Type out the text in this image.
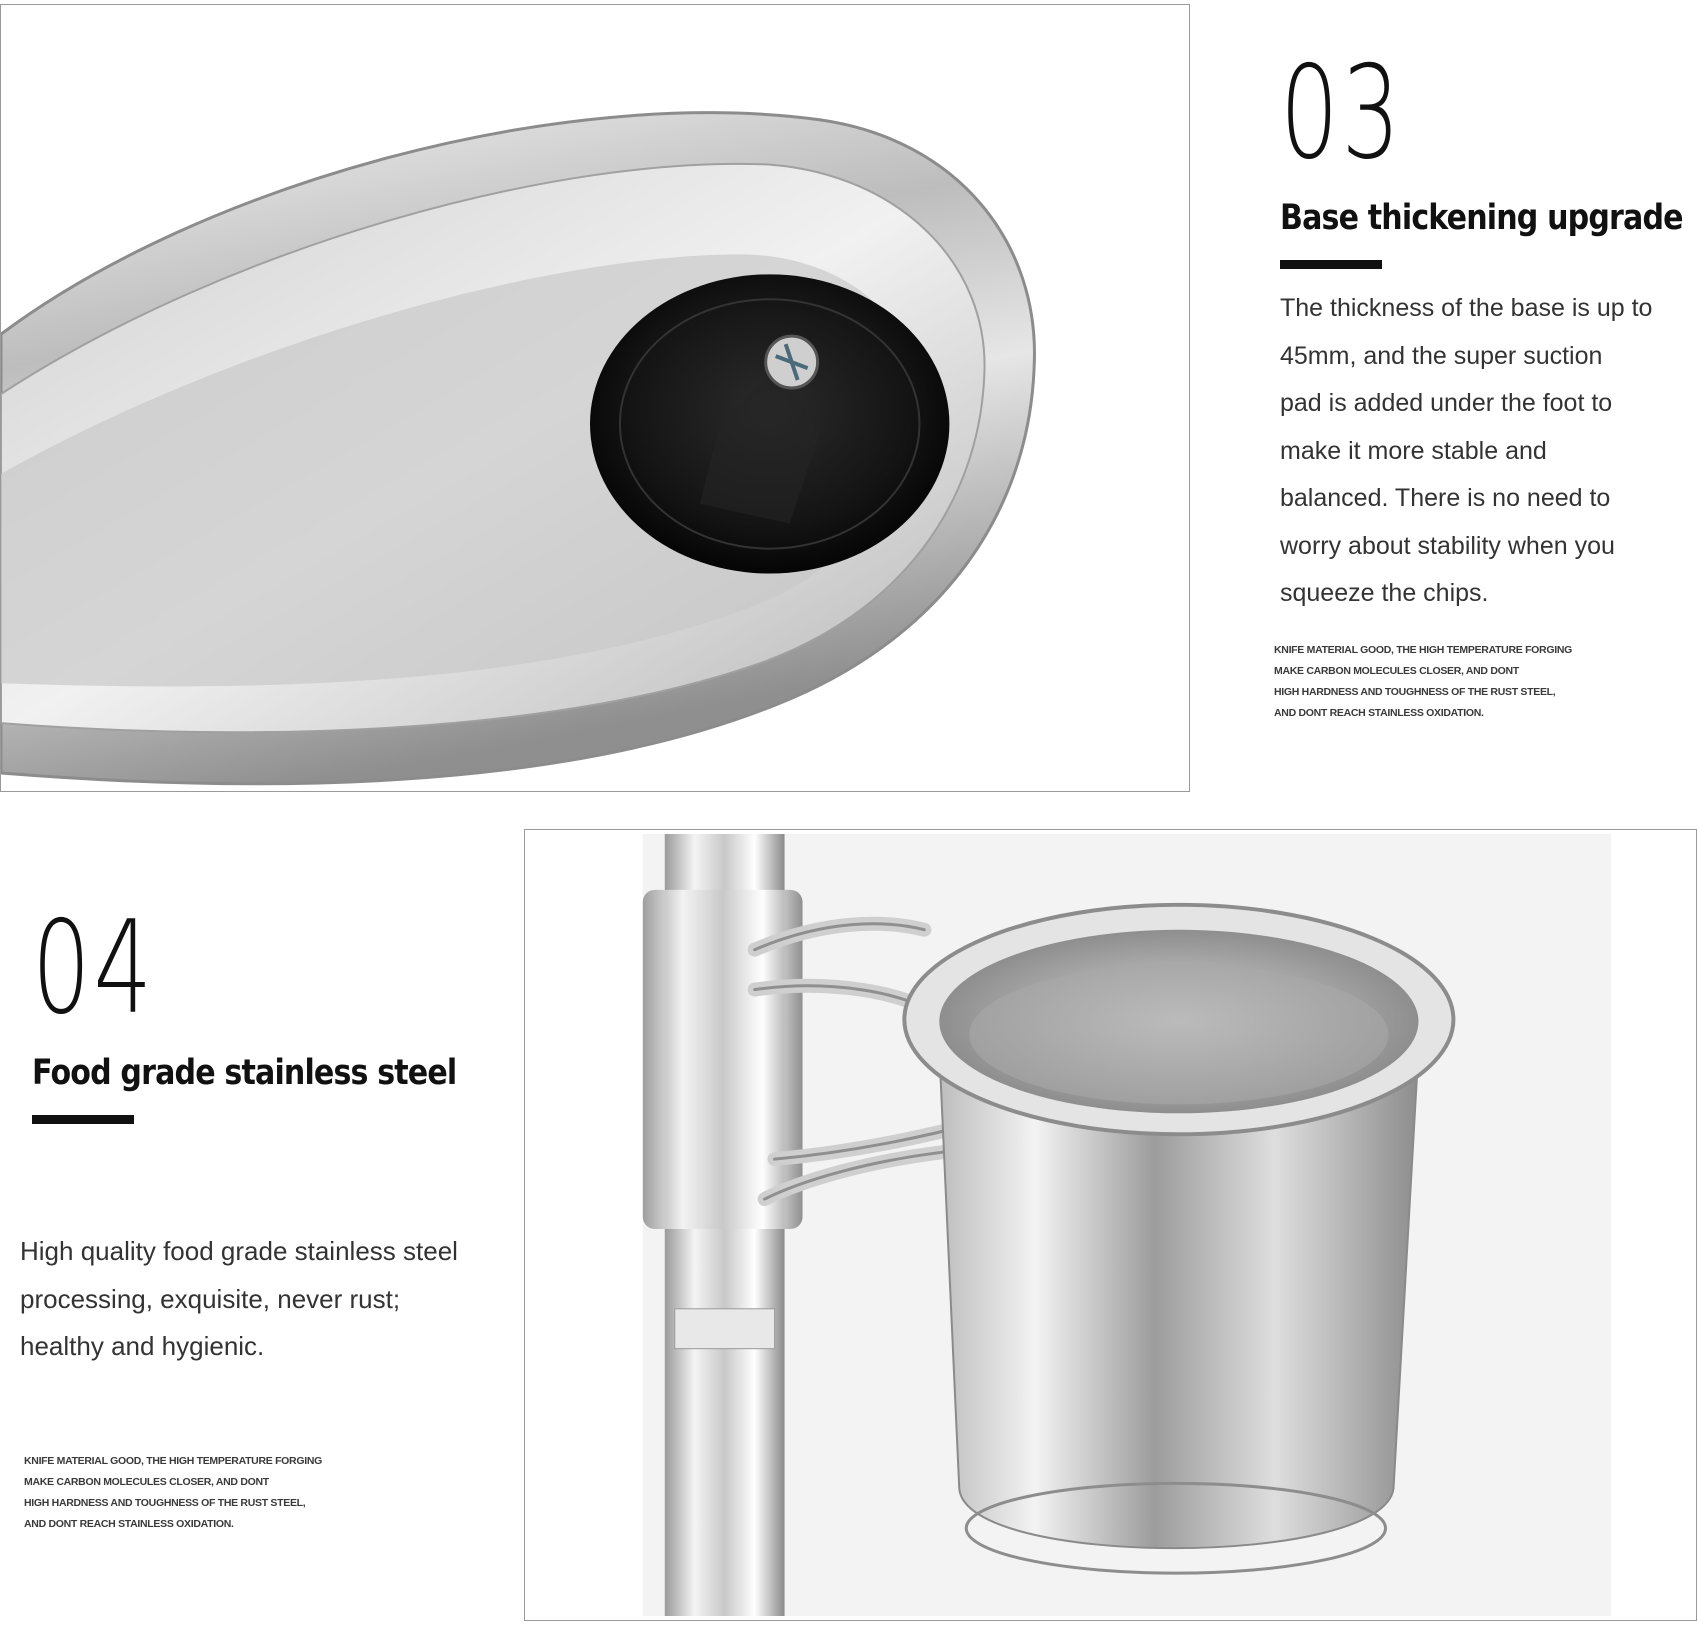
03
Base thickening upgrade
The thickness of the base is up to
45mm, and the super suction
pad is added under the foot to
make it more stable and
balanced. There is no need to
worry about stability when you
squeeze the chips.
KNIFE MATERIAL GOOD, THE HIGH TEMPERATURE FORGING
MAKE CARBON MOLECULES CLOSER, AND DONT
HIGH HARDNESS AND TOUGHNESS OF THE RUST STEEL,
AND DONT REACH STAINLESS OXIDATION.
04
Food grade stainless steel
High quality food grade stainless steel
processing, exquisite, never rust;
healthy and hygienic.
KNIFE MATERIAL GOOD, THE HIGH TEMPERATURE FORGING
MAKE CARBON MOLECULES CLOSER, AND DONT
HIGH HARDNESS AND TOUGHNESS OF THE RUST STEEL,
AND DONT REACH STAINLESS OXIDATION.
